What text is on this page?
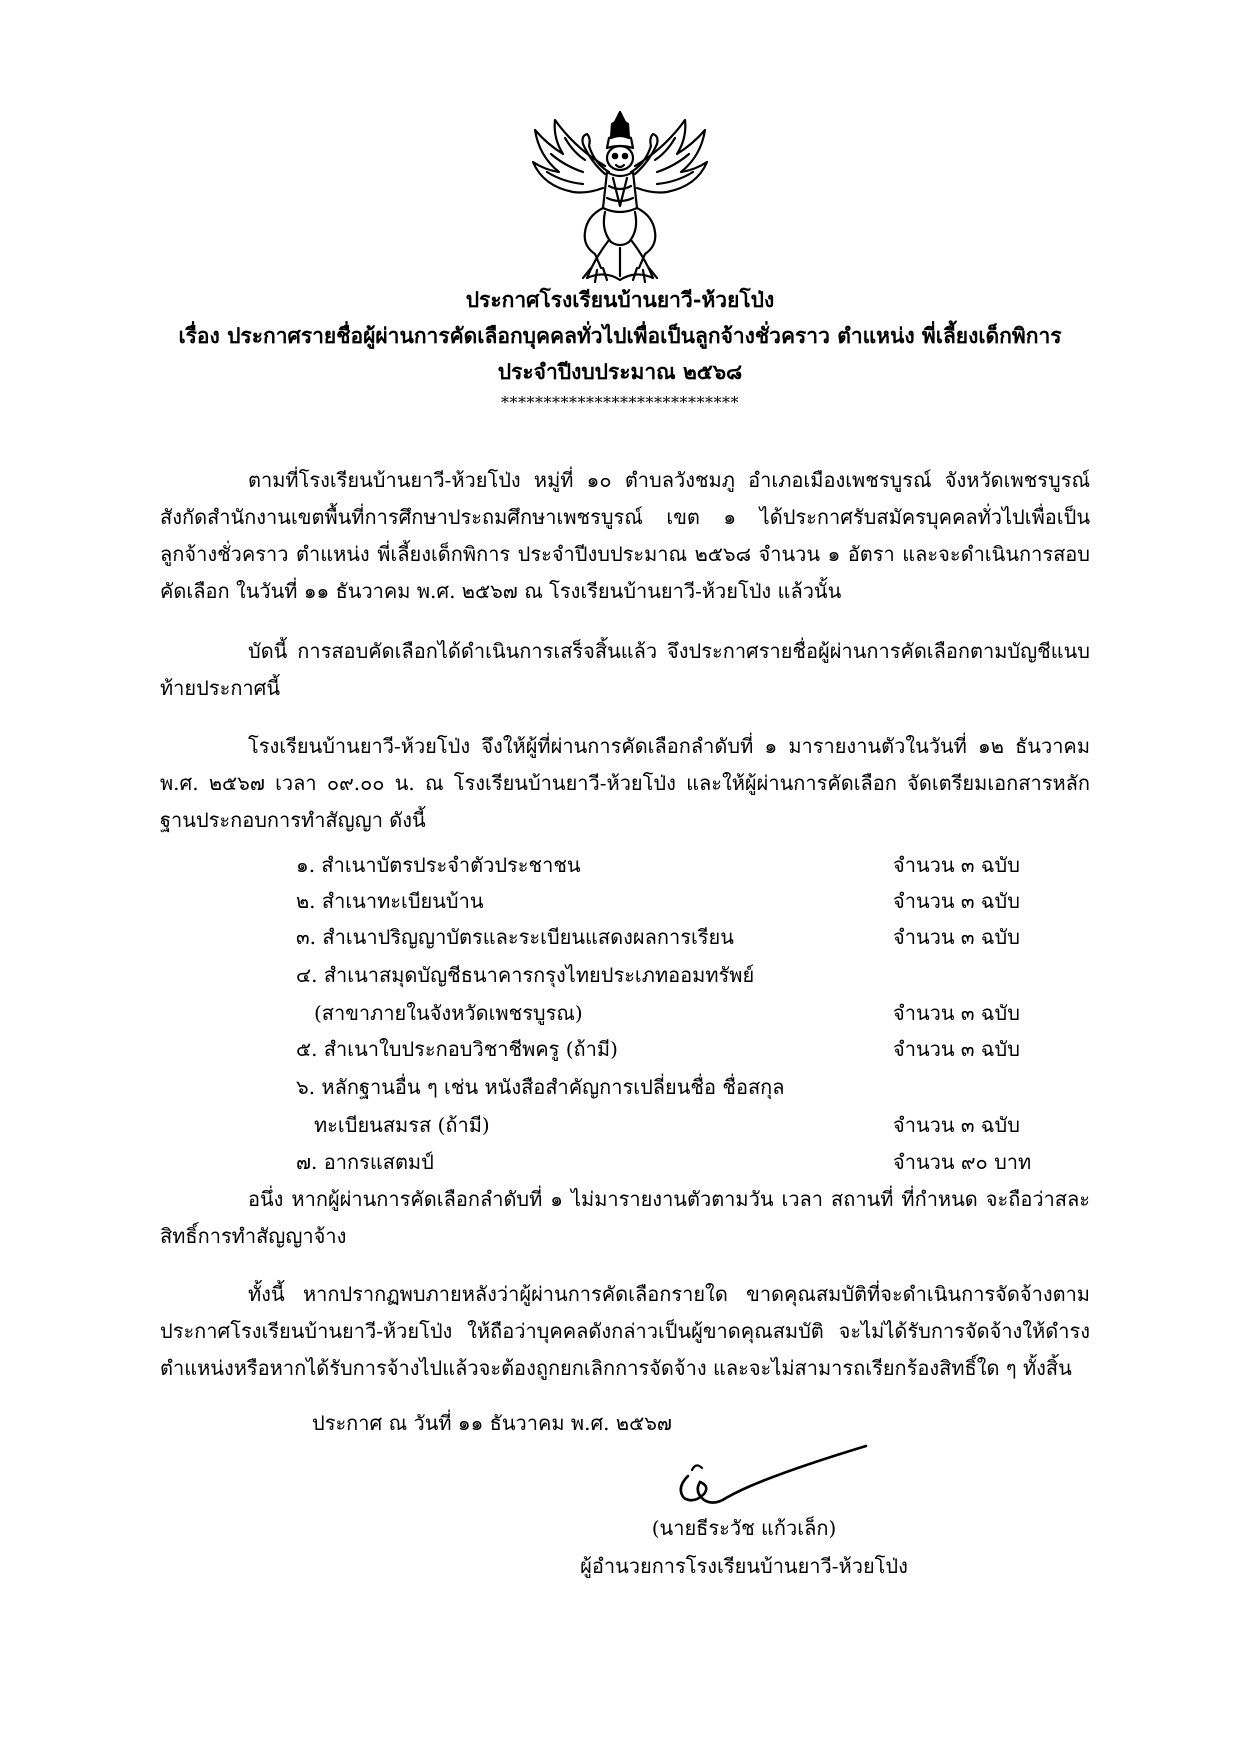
ประกาศโรงเรียนบ้านยาวี-ห้วยโป่ง
เรื่อง ประกาศรายชื่อผู้ผ่านการคัดเลือกบุคคลทั่วไปเพื่อเป็นลูกจ้างชั่วคราว ตำแหน่ง พี่เลี้ยงเด็กพิการ
ประจำปีงบประมาณ ๒๕๖๘
****************************
ตามที่โรงเรียนบ้านยาวี-ห้วยโป่ง หมู่ที่ ๑๐ ตำบลวังชมภู อำเภอเมืองเพชรบูรณ์ จังหวัดเพชรบูรณ์ สังกัดสำนักงานเขตพื้นที่การศึกษาประถมศึกษาเพชรบูรณ์ เขต ๑ ได้ประกาศรับสมัครบุคคลทั่วไปเพื่อเป็นลูกจ้างชั่วคราว ตำแหน่ง พี่เลี้ยงเด็กพิการ ประจำปีงบประมาณ ๒๕๖๘ จำนวน ๑ อัตรา และจะดำเนินการสอบคัดเลือก ในวันที่ ๑๑ ธันวาคม พ.ศ. ๒๕๖๗ ณ โรงเรียนบ้านยาวี-ห้วยโป่ง แล้วนั้น
บัดนี้ การสอบคัดเลือกได้ดำเนินการเสร็จสิ้นแล้ว จึงประกาศรายชื่อผู้ผ่านการคัดเลือกตามบัญชีแนบท้ายประกาศนี้
โรงเรียนบ้านยาวี-ห้วยโป่ง จึงให้ผู้ที่ผ่านการคัดเลือกลำดับที่ ๑ มารายงานตัวในวันที่ ๑๒ ธันวาคม พ.ศ. ๒๕๖๗ เวลา ๐๙.๐๐ น. ณ โรงเรียนบ้านยาวี-ห้วยโป่ง และให้ผู้ผ่านการคัดเลือก จัดเตรียมเอกสารหลักฐานประกอบการทำสัญญา ดังนี้
๑. สำเนาบัตรประจำตัวประชาชน	จำนวน ๓ ฉบับ
๒. สำเนาทะเบียนบ้าน	จำนวน ๓ ฉบับ
๓. สำเนาปริญญาบัตรและระเบียนแสดงผลการเรียน	จำนวน ๓ ฉบับ
๔. สำเนาสมุดบัญชีธนาคารกรุงไทยประเภทออมทรัพย์
(สาขาภายในจังหวัดเพชรบูรณ)	จำนวน ๓ ฉบับ
๕. สำเนาใบประกอบวิชาชีพครู (ถ้ามี)	จำนวน ๓ ฉบับ
๖. หลักฐานอื่น ๆ เช่น หนังสือสำคัญการเปลี่ยนชื่อ ชื่อสกุล
ทะเบียนสมรส (ถ้ามี)	จำนวน ๓ ฉบับ
๗. อากรแสตมป์	จำนวน ๙๐ บาท
อนึ่ง หากผู้ผ่านการคัดเลือกลำดับที่ ๑ ไม่มารายงานตัวตามวัน เวลา สถานที่ ที่กำหนด จะถือว่าสละสิทธิ์การทำสัญญาจ้าง
ทั้งนี้ หากปรากฏพบภายหลังว่าผู้ผ่านการคัดเลือกรายใด ขาดคุณสมบัติที่จะดำเนินการจัดจ้างตามประกาศโรงเรียนบ้านยาวี-ห้วยโป่ง ให้ถือว่าบุคคลดังกล่าวเป็นผู้ขาดคุณสมบัติ จะไม่ได้รับการจัดจ้างให้ดำรงตำแหน่งหรือหากได้รับการจ้างไปแล้วจะต้องถูกยกเลิกการจัดจ้าง และจะไม่สามารถเรียกร้องสิทธิ์ใด ๆ ทั้งสิ้น
ประกาศ ณ วันที่ ๑๑ ธันวาคม พ.ศ. ๒๕๖๗
(นายธีระวัช แก้วเล็ก)
ผู้อำนวยการโรงเรียนบ้านยาวี-ห้วยโป่ง
